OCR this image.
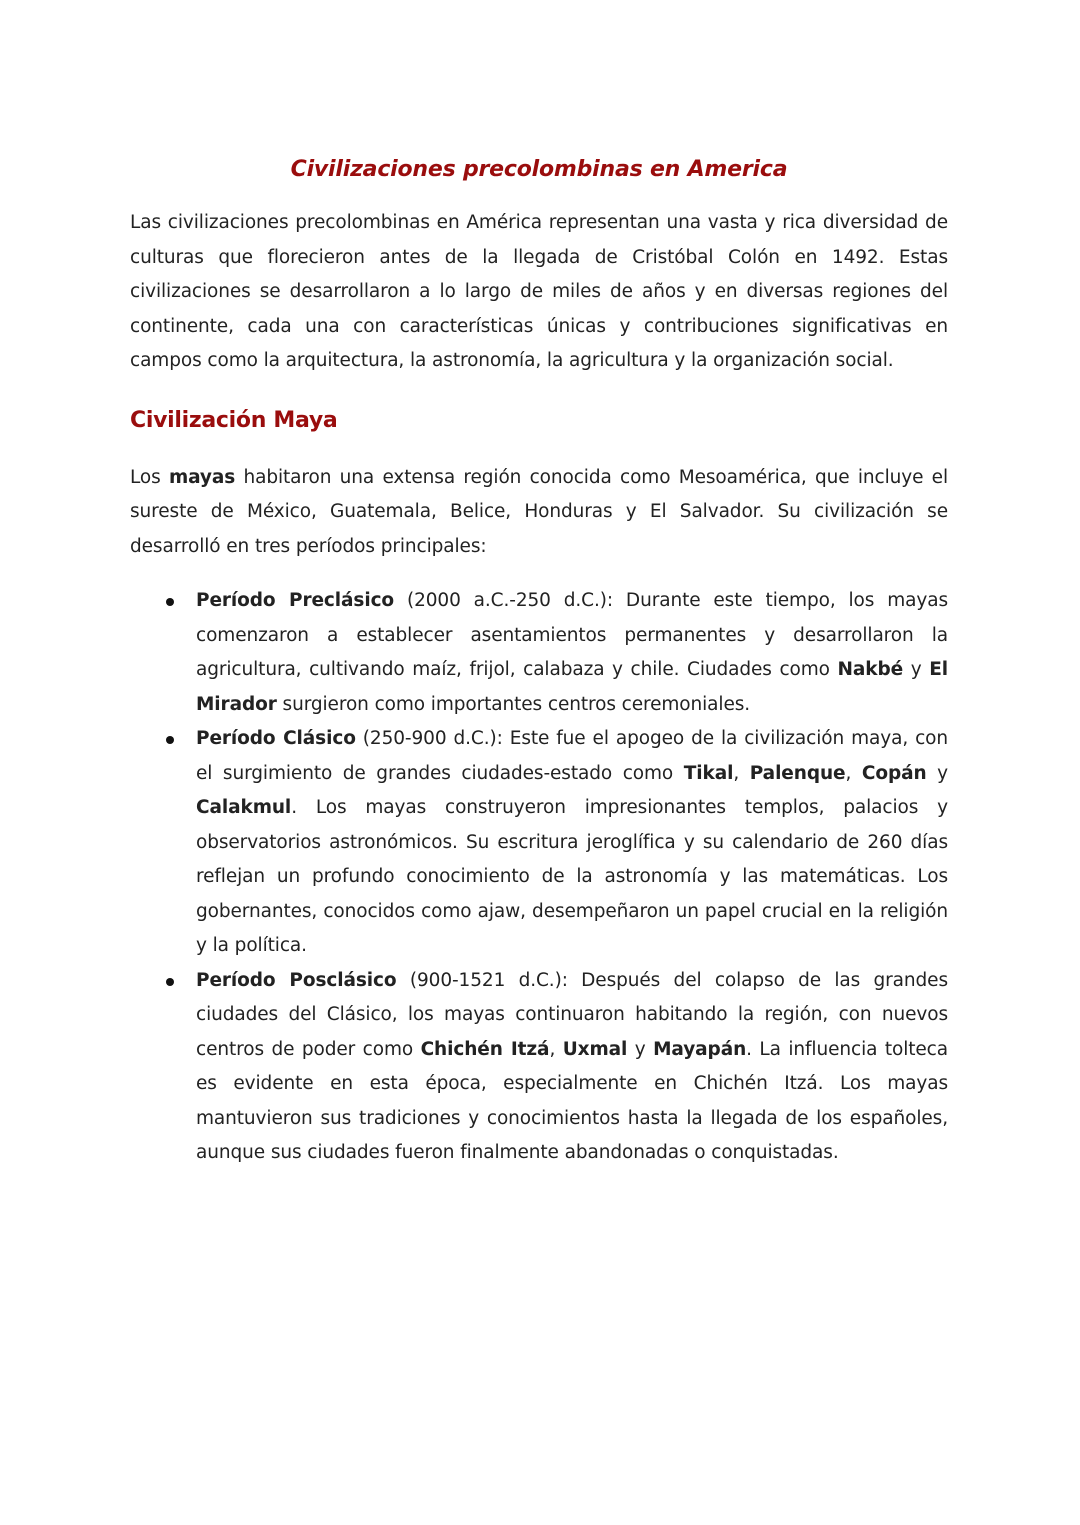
Civilizaciones precolombinas en America

Las civilizaciones precolombinas en América representan una vasta y rica diversidad de culturas que florecieron antes de la llegada de Cristóbal Colón en 1492. Estas civilizaciones se desarrollaron a lo largo de miles de años y en diversas regiones del continente, cada una con características únicas y contribuciones significativas en campos como la arquitectura, la astronomía, la agricultura y la organización social.

Civilización Maya

Los mayas habitaron una extensa región conocida como Mesoamérica, que incluye el sureste de México, Guatemala, Belice, Honduras y El Salvador. Su civilización se desarrolló en tres períodos principales:

Período Preclásico (2000 a.C.-250 d.C.): Durante este tiempo, los mayas comenzaron a establecer asentamientos permanentes y desarrollaron la agricultura, cultivando maíz, frijol, calabaza y chile. Ciudades como Nakbé y El Mirador surgieron como importantes centros ceremoniales.
Período Clásico (250-900 d.C.): Este fue el apogeo de la civilización maya, con el surgimiento de grandes ciudades-estado como Tikal, Palenque, Copán y Calakmul. Los mayas construyeron impresionantes templos, palacios y observatorios astronómicos. Su escritura jeroglífica y su calendario de 260 días reflejan un profundo conocimiento de la astronomía y las matemáticas. Los gobernantes, conocidos como ajaw, desempeñaron un papel crucial en la religión y la política.
Período Posclásico (900-1521 d.C.): Después del colapso de las grandes ciudades del Clásico, los mayas continuaron habitando la región, con nuevos centros de poder como Chichén Itzá, Uxmal y Mayapán. La influencia tolteca es evidente en esta época, especialmente en Chichén Itzá. Los mayas mantuvieron sus tradiciones y conocimientos hasta la llegada de los españoles, aunque sus ciudades fueron finalmente abandonadas o conquistadas.
